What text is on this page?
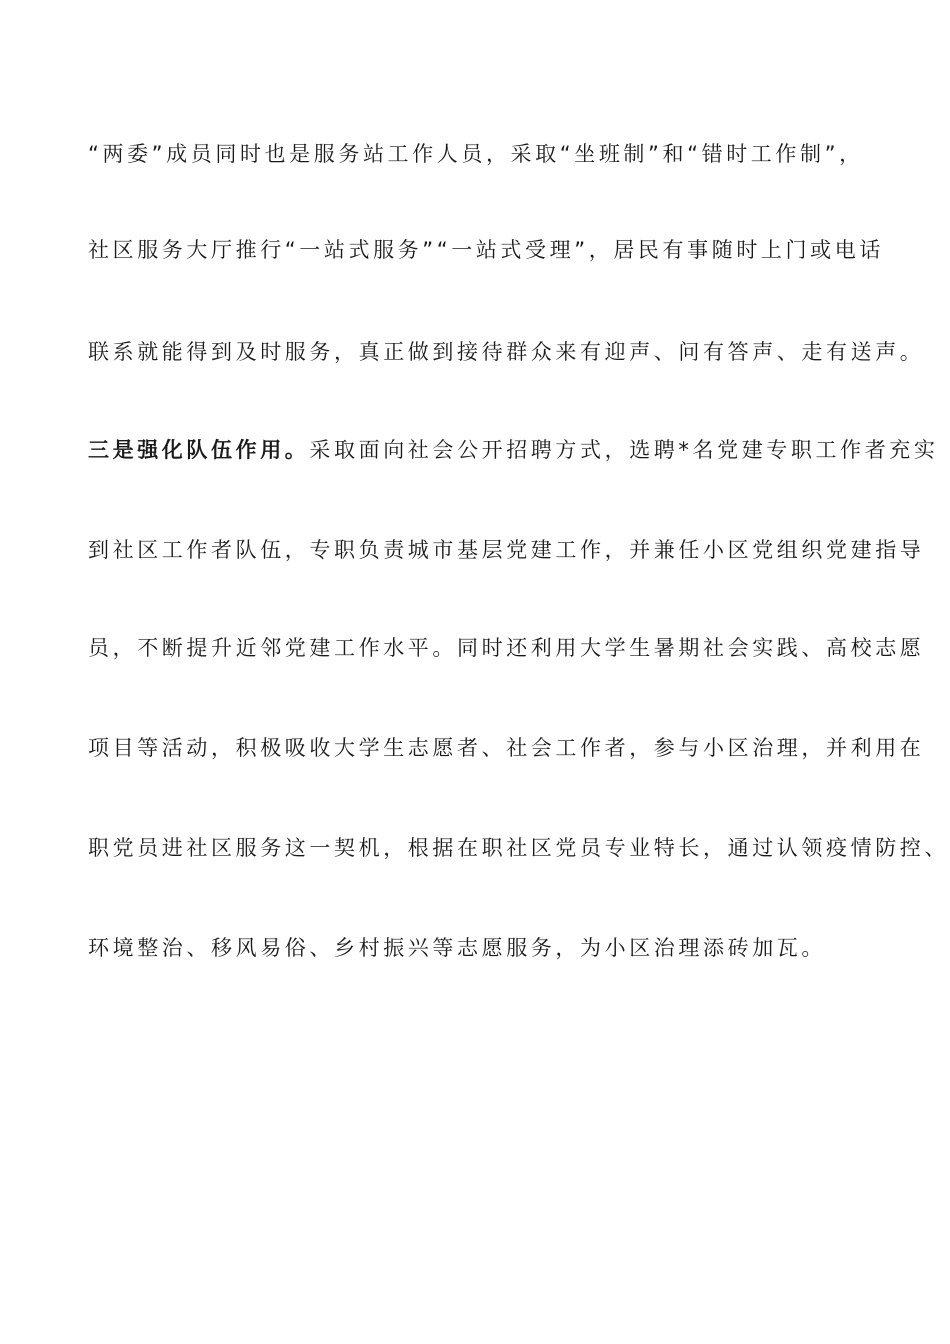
“两委”成员同时也是服务站工作人员，采取“坐班制”和“错时工作制”，
社区服务大厅推行“一站式服务”“一站式受理”，居民有事随时上门或电话
联系就能得到及时服务，真正做到接待群众来有迎声、问有答声、走有送声。
三是强化队伍作用。采取面向社会公开招聘方式，选聘*名党建专职工作者充实
到社区工作者队伍，专职负责城市基层党建工作，并兼任小区党组织党建指导
员，不断提升近邻党建工作水平。同时还利用大学生暑期社会实践、高校志愿
项目等活动，积极吸收大学生志愿者、社会工作者，参与小区治理，并利用在
职党员进社区服务这一契机，根据在职社区党员专业特长，通过认领疫情防控、
环境整治、移风易俗、乡村振兴等志愿服务，为小区治理添砖加瓦。
